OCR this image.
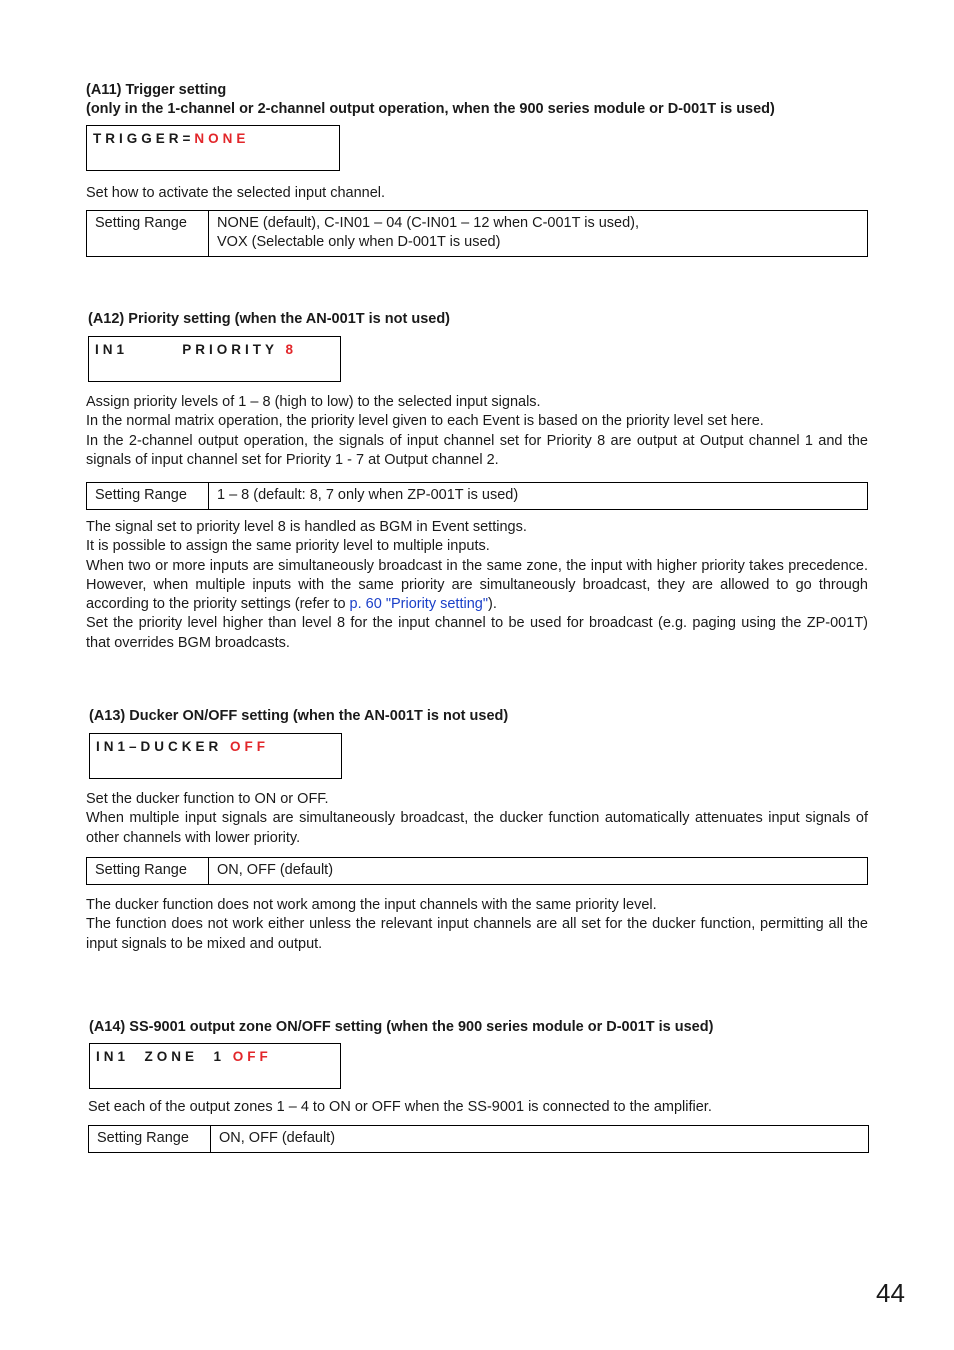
(A11) Trigger setting
(only in the 1-channel or 2-channel output operation, when the 900 series module or D-001T is used)
TRIGGER=NONE
Set how to activate the selected input channel.
Setting Range	NONE (default), C-IN01 – 04 (C-IN01 – 12 when C-001T is used),
VOX (Selectable only when D-001T is used)
(A12) Priority setting (when the AN-001T is not used)
IN1       PRIORITY 8
Assign priority levels of 1 – 8 (high to low) to the selected input signals.
In the normal matrix operation, the priority level given to each Event is based on the priority level set here.
In the 2-channel output operation, the signals of input channel set for Priority 8 are output at Output channel 1 and the signals of input channel set for Priority 1 - 7 at Output channel 2.
Setting Range	1 – 8 (default: 8, 7 only when ZP-001T is used)
The signal set to priority level 8 is handled as BGM in Event settings.
It is possible to assign the same priority level to multiple inputs.
When two or more inputs are simultaneously broadcast in the same zone, the input with higher priority takes precedence. However, when multiple inputs with the same priority are simultaneously broadcast, they are allowed to go through according to the priority settings (refer to p. 60 "Priority setting").
Set the priority level higher than level 8 for the input channel to be used for broadcast (e.g. paging using the ZP-001T) that overrides BGM broadcasts.
(A13) Ducker ON/OFF setting (when the AN-001T is not used)
IN1–DUCKER OFF
Set the ducker function to ON or OFF.
When multiple input signals are simultaneously broadcast, the ducker function automatically attenuates input signals of other channels with lower priority.
Setting Range	ON, OFF (default)
The ducker function does not work among the input channels with the same priority level.
The function does not work either unless the relevant input channels are all set for the ducker function, permitting all the input signals to be mixed and output.
(A14) SS-9001 output zone ON/OFF setting (when the 900 series module or D-001T is used)
IN1  ZONE  1 OFF
Set each of the output zones 1 – 4 to ON or OFF when the SS-9001 is connected to the amplifier.
Setting Range	ON, OFF (default)
44
